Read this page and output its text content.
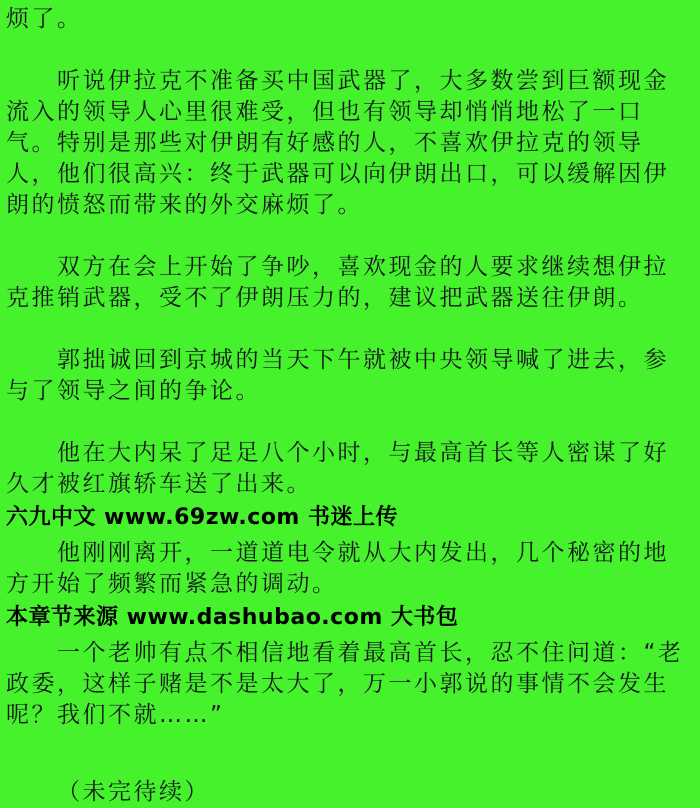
烦了。
听说伊拉克不准备买中国武器了，大多数尝到巨额现金流入的领导人心里很难受，但也有领导却悄悄地松了一口气。特别是那些对伊朗有好感的人，不喜欢伊拉克的领导人，他们很高兴：终于武器可以向伊朗出口，可以缓解因伊朗的愤怒而带来的外交麻烦了。
双方在会上开始了争吵，喜欢现金的人要求继续想伊拉克推销武器，受不了伊朗压力的，建议把武器送往伊朗。
郭拙诚回到京城的当天下午就被中央领导喊了进去，参与了领导之间的争论。
他在大内呆了足足八个小时，与最高首长等人密谋了好久才被红旗轿车送了出来。
六九中文 www.69zw.com 书迷上传
他刚刚离开，一道道电令就从大内发出，几个秘密的地方开始了频繁而紧急的调动。
本章节来源 www.dashubao.com 大书包
一个老帅有点不相信地看着最高首长，忍不住问道：“老政委，这样子赌是不是太大了，万一小郭说的事情不会发生呢？我们不就……”
（未完待续）
